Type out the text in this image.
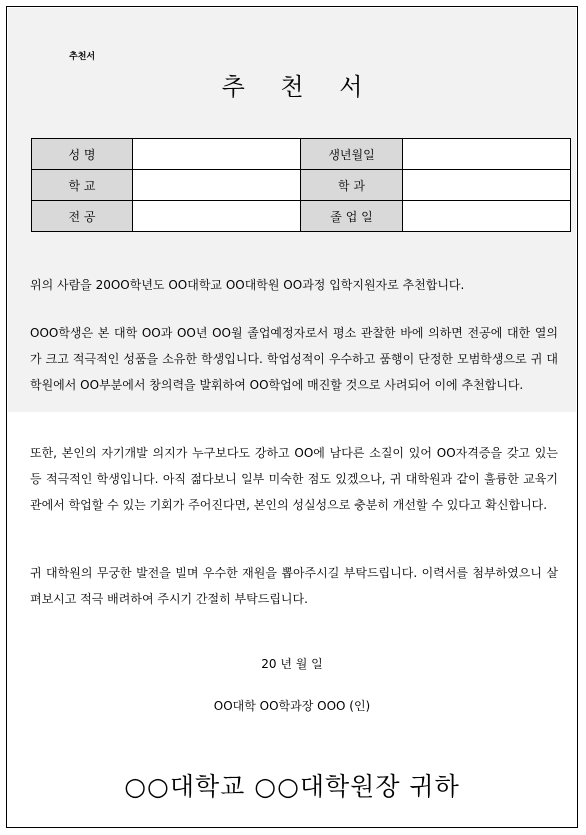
추천서
추 천 서
성 명		생년월일	
학 교		학 과	
전 공		졸 업 일	

위의 사람을 20OO학년도 OO대학교 OO대학원 OO과정 입학지원자로 추천합니다.

OOO학생은 본 대학 OO과 OO년 OO월 졸업예정자로서 평소 관찰한 바에 의하면 전공에 대한 열의가 크고 적극적인 성품을 소유한 학생입니다. 학업성적이 우수하고 품행이 단정한 모범학생으로 귀 대학원에서 OO부분에서 창의력을 발휘하여 OO학업에 매진할 것으로 사려되어 이에 추천합니다.

또한, 본인의 자기개발 의지가 누구보다도 강하고 OO에 남다른 소질이 있어 OO자격증을 갖고 있는 등 적극적인 학생입니다. 아직 젊다보니 일부 미숙한 점도 있겠으나, 귀 대학원과 같이 훌륭한 교육기관에서 학업할 수 있는 기회가 주어진다면, 본인의 성실성으로 충분히 개선할 수 있다고 확신합니다.

귀 대학원의 무궁한 발전을 빌며 우수한 재원을 뽑아주시길 부탁드립니다. 이력서를 첨부하였으니 살펴보시고 적극 배려하여 주시기 간절히 부탁드립니다.

20 년 월 일
OO대학 OO학과장 OOO (인)
○○대학교 ○○대학원장 귀하
